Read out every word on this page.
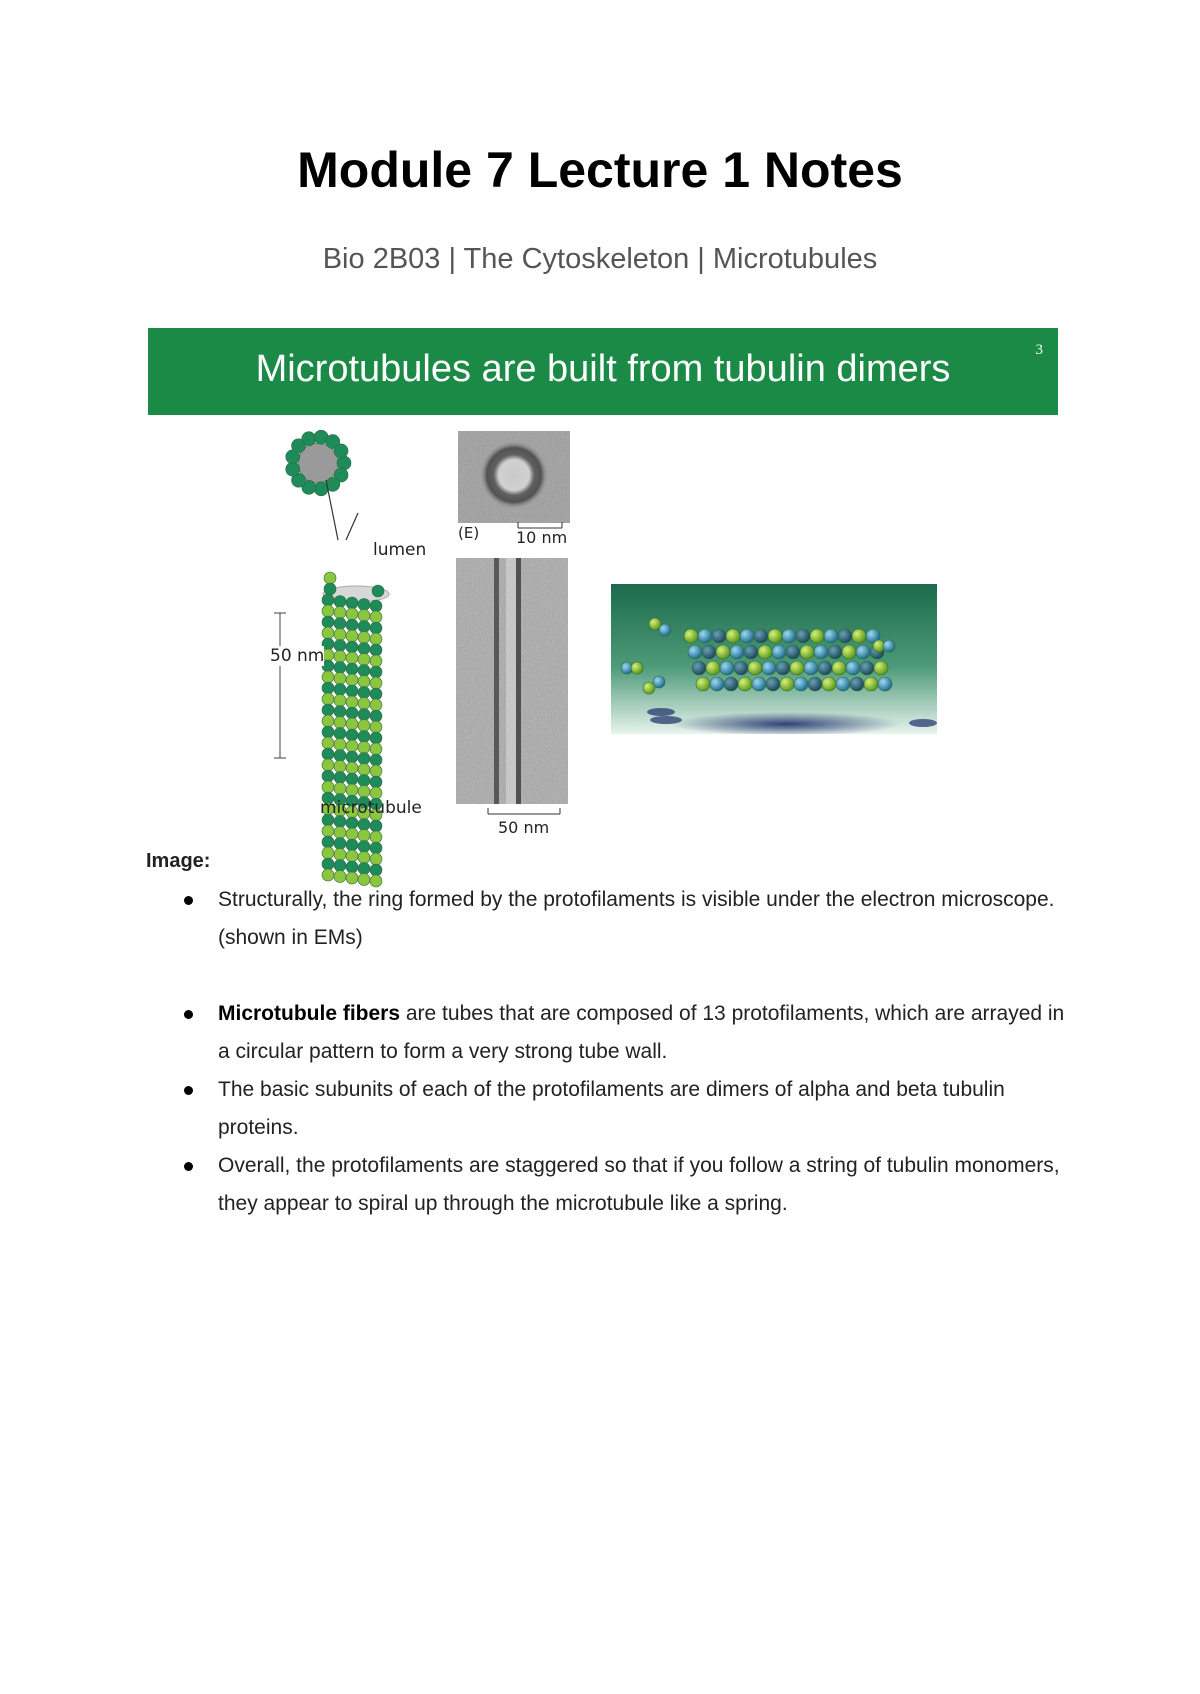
Module 7 Lecture 1 Notes
Bio 2B03 | The Cytoskeleton | Microtubules
Microtubules are built from tubulin dimers	3
lumen
50 nm
microtubule
(E) 10 nm
50 nm
Image:
Structurally, the ring formed by the protofilaments is visible under the electron microscope. (shown in EMs)
Microtubule fibers are tubes that are composed of 13 protofilaments, which are arrayed in a circular pattern to form a very strong tube wall.
The basic subunits of each of the protofilaments are dimers of alpha and beta tubulin proteins.
Overall, the protofilaments are staggered so that if you follow a string of tubulin monomers, they appear to spiral up through the microtubule like a spring.
